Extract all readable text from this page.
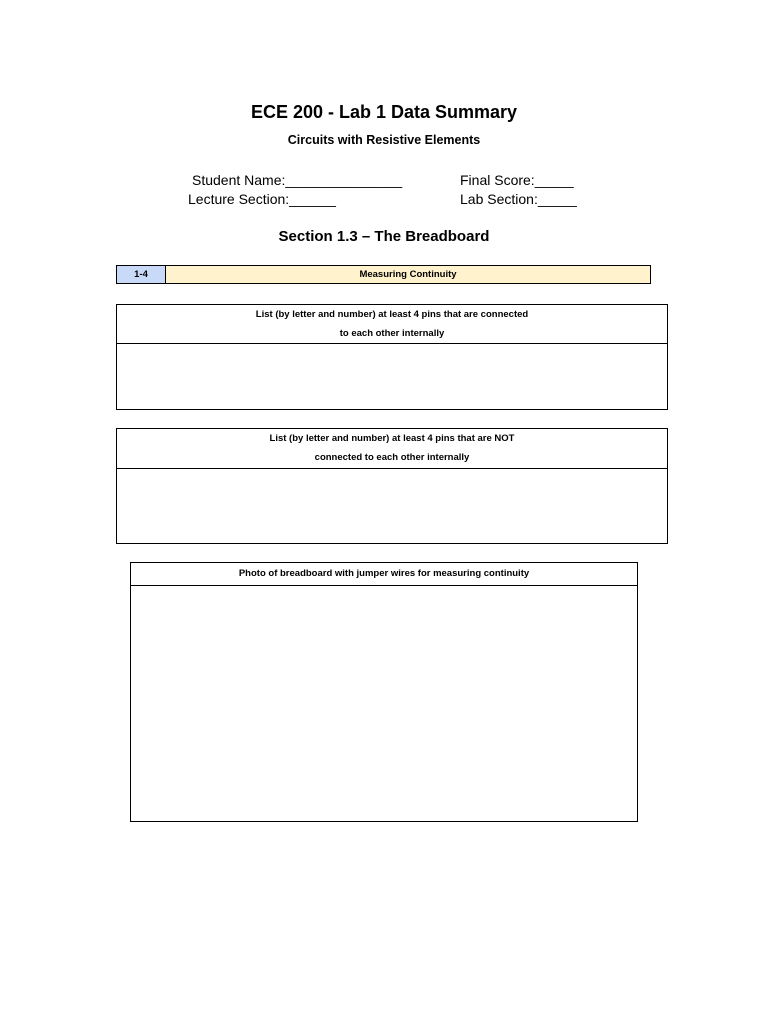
ECE 200 - Lab 1 Data Summary
Circuits with Resistive Elements
Student Name:_______________	Final Score:_____
Lecture Section:______	Lab Section:_____
Section 1.3 – The Breadboard
1-4	Measuring Continuity
List (by letter and number) at least 4 pins that are connected
to each other internally
List (by letter and number) at least 4 pins that are NOT
connected to each other internally
Photo of breadboard with jumper wires for measuring continuity
